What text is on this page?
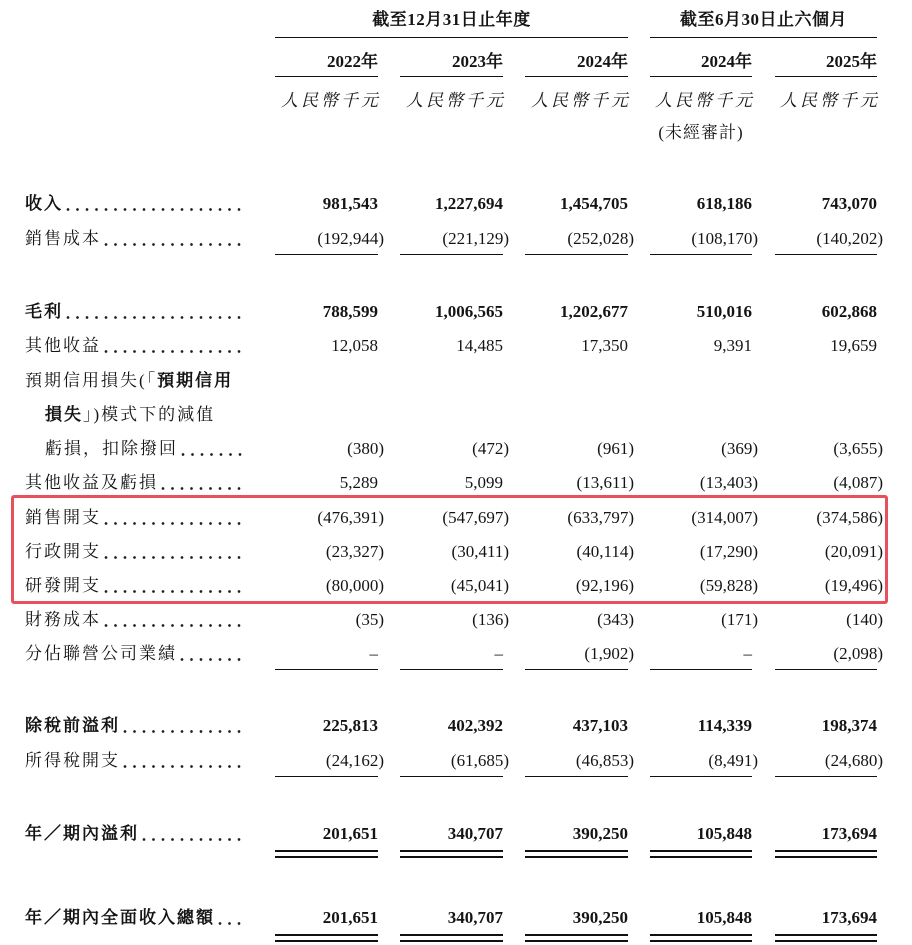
截至12月31日止年度	截至6月30日止六個月
2022年	2023年	2024年	2024年	2025年
人民幣千元	人民幣千元	人民幣千元 人民幣千元 人民幣千元
(未經審計)
收入	981,543	1,227,694	1,454,705	618,186	743,070
銷售成本	(192,944)	(221,129)	(252,028)	(108,170)	(140,202)
毛利	788,599	1,006,565	1,202,677	510,016	602,868
其他收益	12,058	14,485	17,350	9,391	19,659
預期信用損失(「 預期信用
損失 」)模式下的減值
虧損，扣除撥回	(380)	(472)	(961)	(369)	(3,655)
其他收益及虧損	5,289	5,099	(13,611)	(13,403)	(4,087)
銷售開支	(476,391)	(547,697)	(633,797)	(314,007)	(374,586)
行政開支	(23,327)	(30,411)	(40,114)	(17,290)	(20,091)
研發開支	(80,000)	(45,041)	(92,196)	(59,828)	(19,496)
財務成本	(35)	(136)	(343)	(171)	(140)
分佔聯營公司業績	–	–	(1,902)	–	(2,098)
除稅前溢利	225,813	402,392	437,103	114,339	198,374
所得稅開支	(24,162)	(61,685)	(46,853)	(8,491)	(24,680)
年／期內溢利	201,651	340,707	390,250	105,848	173,694
年／期內全面收入總額	201,651	340,707	390,250	105,848	173,694
